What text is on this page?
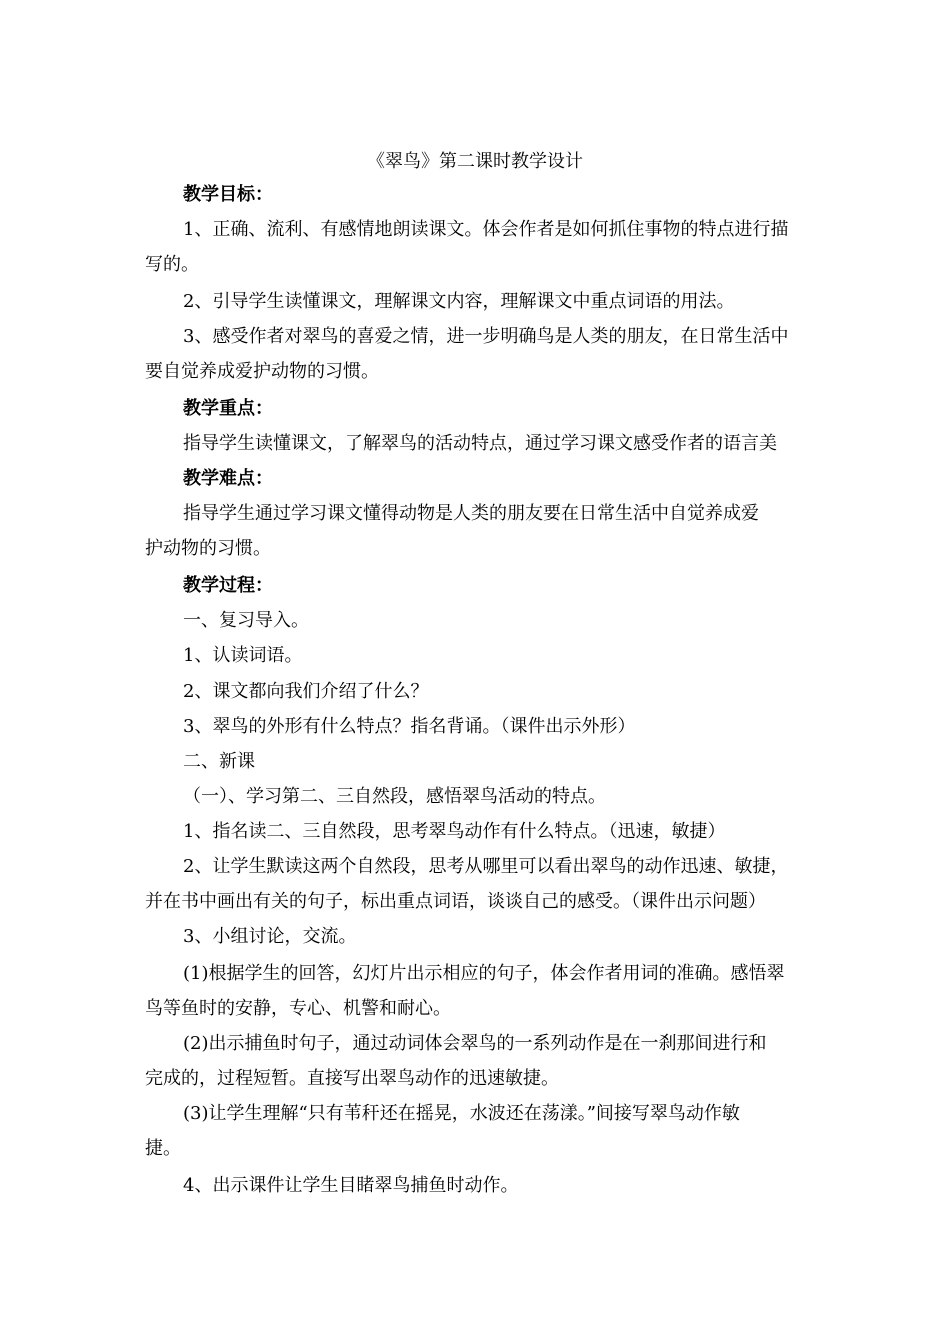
《翠鸟》第二课时教学设计

教学目标：

1、正确、流利、有感情地朗读课文。体会作者是如何抓住事物的特点进行描

写的。

2、引导学生读懂课文，理解课文内容，理解课文中重点词语的用法。

3、感受作者对翠鸟的喜爱之情，进一步明确鸟是人类的朋友，在日常生活中

要自觉养成爱护动物的习惯。

教学重点：

指导学生读懂课文，了解翠鸟的活动特点，通过学习课文感受作者的语言美

教学难点：

指导学生通过学习课文懂得动物是人类的朋友要在日常生活中自觉养成爱

护动物的习惯。

教学过程：

一、复习导入。

1、认读词语。

2、课文都向我们介绍了什么？

3、翠鸟的外形有什么特点？指名背诵。（课件出示外形）

二、新课

（一）、学习第二、三自然段，感悟翠鸟活动的特点。

1、指名读二、三自然段，思考翠鸟动作有什么特点。（迅速，敏捷）

2、让学生默读这两个自然段，思考从哪里可以看出翠鸟的动作迅速、敏捷，

并在书中画出有关的句子，标出重点词语，谈谈自己的感受。（课件出示问题）

3、小组讨论，交流。

(1)根据学生的回答，幻灯片出示相应的句子，体会作者用词的准确。感悟翠

鸟等鱼时的安静，专心、机警和耐心。

(2)出示捕鱼时句子，通过动词体会翠鸟的一系列动作是在一刹那间进行和

完成的，过程短暂。直接写出翠鸟动作的迅速敏捷。

(3)让学生理解“只有苇秆还在摇晃，水波还在荡漾。”间接写翠鸟动作敏

捷。

4、出示课件让学生目睹翠鸟捕鱼时动作。
